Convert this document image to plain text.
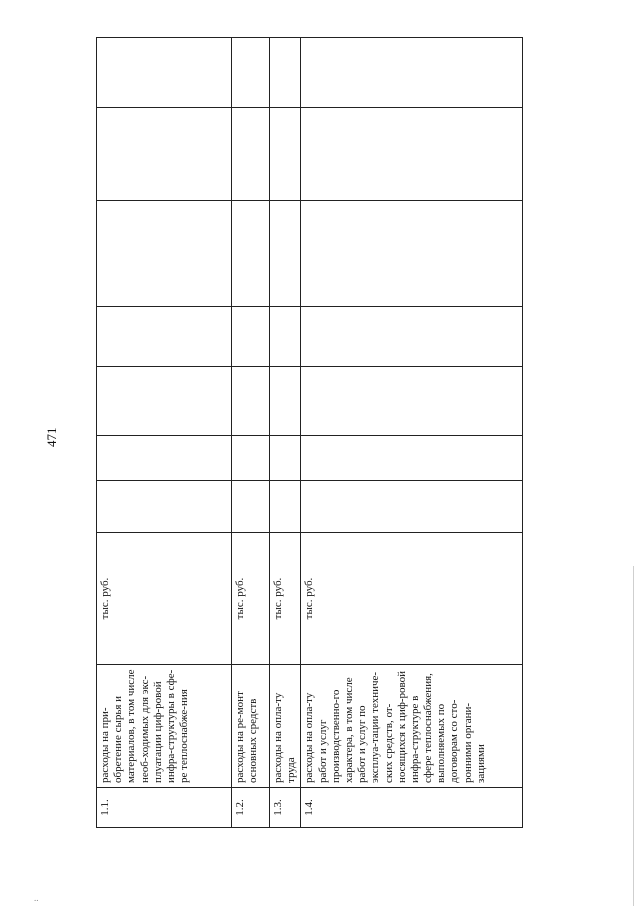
471
..
1.1.	расходы на при-обретение сырья и материалов, в том числе необ-ходимых для экс-плуатации циф-ровой инфра-структуры в сфе-ре теплоснабже-ния	тыс. руб.							
1.2.	расходы на ре-монт основных средств	тыс. руб.							
1.3.	расходы на опла-ту труда	тыс. руб.							
1.4.	расходы на опла-ту работ и услуг производственно-го характера, в том числе работ и услуг по эксплуа-тации техниче-ских средств, от-носящихся к циф-ровой инфра-структуре в сфере теплоснабжения, выполняемых по договорам со сто-ронними органи-зациями	тыс. руб.							
